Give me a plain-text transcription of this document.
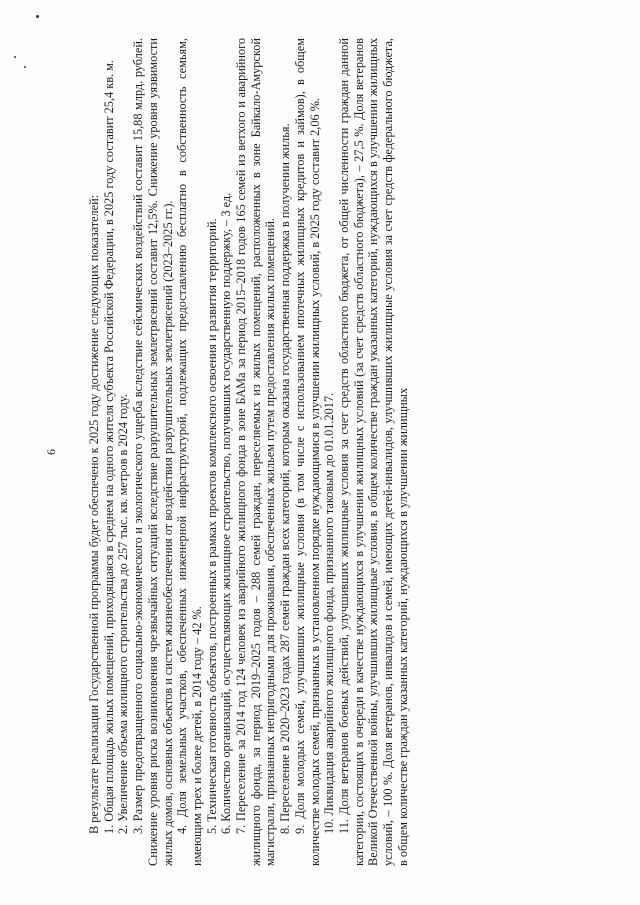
6 В результате реализации Государственной программы будет обеспечено к 2025 году достижение следующих показателей: 1. Общая площадь жилых помещений, приходящаяся в среднем на одного жителя субъекта Российской Федерации, в 2025 году составит 25,4 кв. м. 2. Увеличение объема жилищного строительства до 257 тыс. кв. метров в 2024 году. 3. Размер предотвращенного социально-экономического и экологического ущерба вследствие сейсмических воздействий составит 15,88 млрд. рублей. Снижение уровня риска возникновения чрезвычайных ситуаций вследствие разрушительных землетрясений составит 12,5%. Снижение уровня уязвимости жилых домов, основных объектов и систем жизнеобеспечения от воздействия разрушительных землетрясений (2023–2025 гг.). 4. Доля земельных участков, обеспеченных инженерной инфраструктурой, подлежащих предоставлению бесплатно в собственность семьям, имеющим трех и более детей, в 2014 году – 42 %. 5. Техническая готовность объектов, построенных в рамках проектов комплексного освоения и развития территорий. 6. Количество организаций, осуществляющих жилищное строительство, получивших государственную поддержку, – 3 ед. 7. Переселение за 2014 год 124 человек из аварийного жилищного фонда в зоне БАМа за период 2015–2018 годов 165 семей из ветхого и аварийного жилищного фонда, за период 2019–2025 годов – 288 семей граждан, переселяемых из жилых помещений, расположенных в зоне Байкало-Амурской магистрали, признанных непригодными для проживания, обеспеченных жильем путем предоставления жилых помещений. 8. Переселение в 2020–2023 годах 287 семей граждан всех категорий, которым оказана государственная поддержка в получении жилья. 9. Доля молодых семей, улучшивших жилищные условия (в том числе с использованием ипотечных жилищных кредитов и займов), в общем количестве молодых семей, признанных в установленном порядке нуждающимися в улучшении жилищных условий, в 2025 году составит 2,06 %. 10. Ликвидация аварийного жилищного фонда, признанного таковым до 01.01.2017. 11. Доля ветеранов боевых действий, улучшивших жилищные условия за счет средств областного бюджета, от общей численности граждан данной категории, состоящих в очереди в качестве нуждающихся в улучшении жилищных условий (за счет средств областного бюджета), – 27,5 %. Доля ветеранов Великой Отечественной войны, улучшивших жилищные условия, в общем количестве граждан указанных категорий, нуждающихся в улучшении жилищных условий, – 100 %. Доля ветеранов, инвалидов и семей, имеющих детей-инвалидов, улучшивших жилищные условия за счет средств федерального бюджета, в общем количестве граждан указанных категорий, нуждающихся в улучшении жилищных
